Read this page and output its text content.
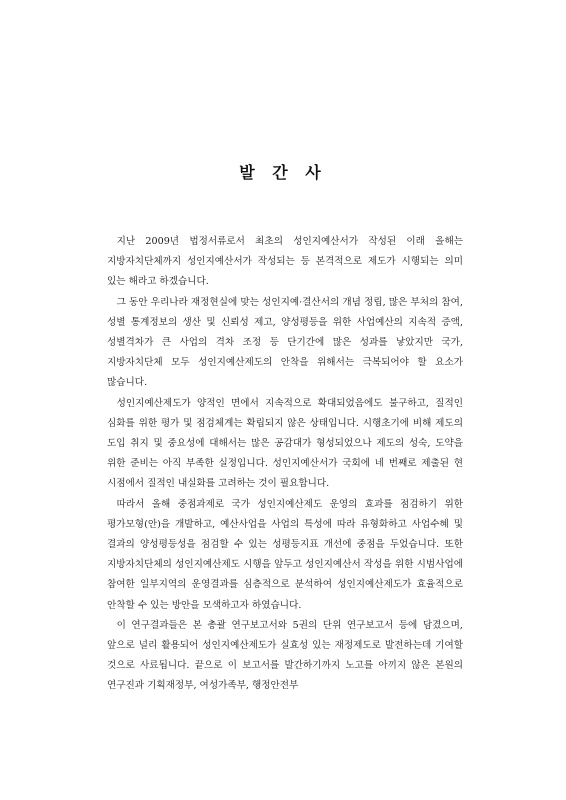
발 간 사

지난 2009년 법정서류로서 최초의 성인지예산서가 작성된 이래 올해는 지방자치단체까지 성인지예산서가 작성되는 등 본격적으로 제도가 시행되는 의미 있는 해라고 하겠습니다.

그 동안 우리나라 재정현실에 맞는 성인지예·결산서의 개념 정립, 많은 부처의 참여, 성별 통계정보의 생산 및 신뢰성 제고, 양성평등을 위한 사업예산의 지속적 증액, 성별격차가 큰 사업의 격차 조정 등 단기간에 많은 성과를 낳았지만 국가, 지방자치단체 모두 성인지예산제도의 안착을 위해서는 극복되어야 할 요소가 많습니다.

성인지예산제도가 양적인 면에서 지속적으로 확대되었음에도 불구하고, 질적인 심화를 위한 평가 및 점검체계는 확립되지 않은 상태입니다. 시행초기에 비해 제도의 도입 취지 및 중요성에 대해서는 많은 공감대가 형성되었으나 제도의 성숙, 도약을 위한 준비는 아직 부족한 실정입니다. 성인지예산서가 국회에 네 번째로 제출된 현 시점에서 질적인 내실화를 고려하는 것이 필요합니다.

따라서 올해 중점과제로 국가 성인지예산제도 운영의 효과를 점검하기 위한 평가모형(안)을 개발하고, 예산사업을 사업의 특성에 따라 유형화하고 사업수혜 및 결과의 양성평등성을 점검할 수 있는 성평등지표 개선에 중점을 두었습니다. 또한 지방자치단체의 성인지예산제도 시행을 앞두고 성인지예산서 작성을 위한 시범사업에 참여한 일부지역의 운영결과를 심층적으로 분석하여 성인지예산제도가 효율적으로 안착할 수 있는 방안을 모색하고자 하였습니다.

이 연구결과들은 본 총괄 연구보고서와 5권의 단위 연구보고서 등에 담겼으며, 앞으로 널리 활용되어 성인지예산제도가 실효성 있는 재정제도로 발전하는데 기여할 것으로 사료됩니다. 끝으로 이 보고서를 발간하기까지 노고를 아끼지 않은 본원의 연구진과 기획재정부, 여성가족부, 행정안전부
